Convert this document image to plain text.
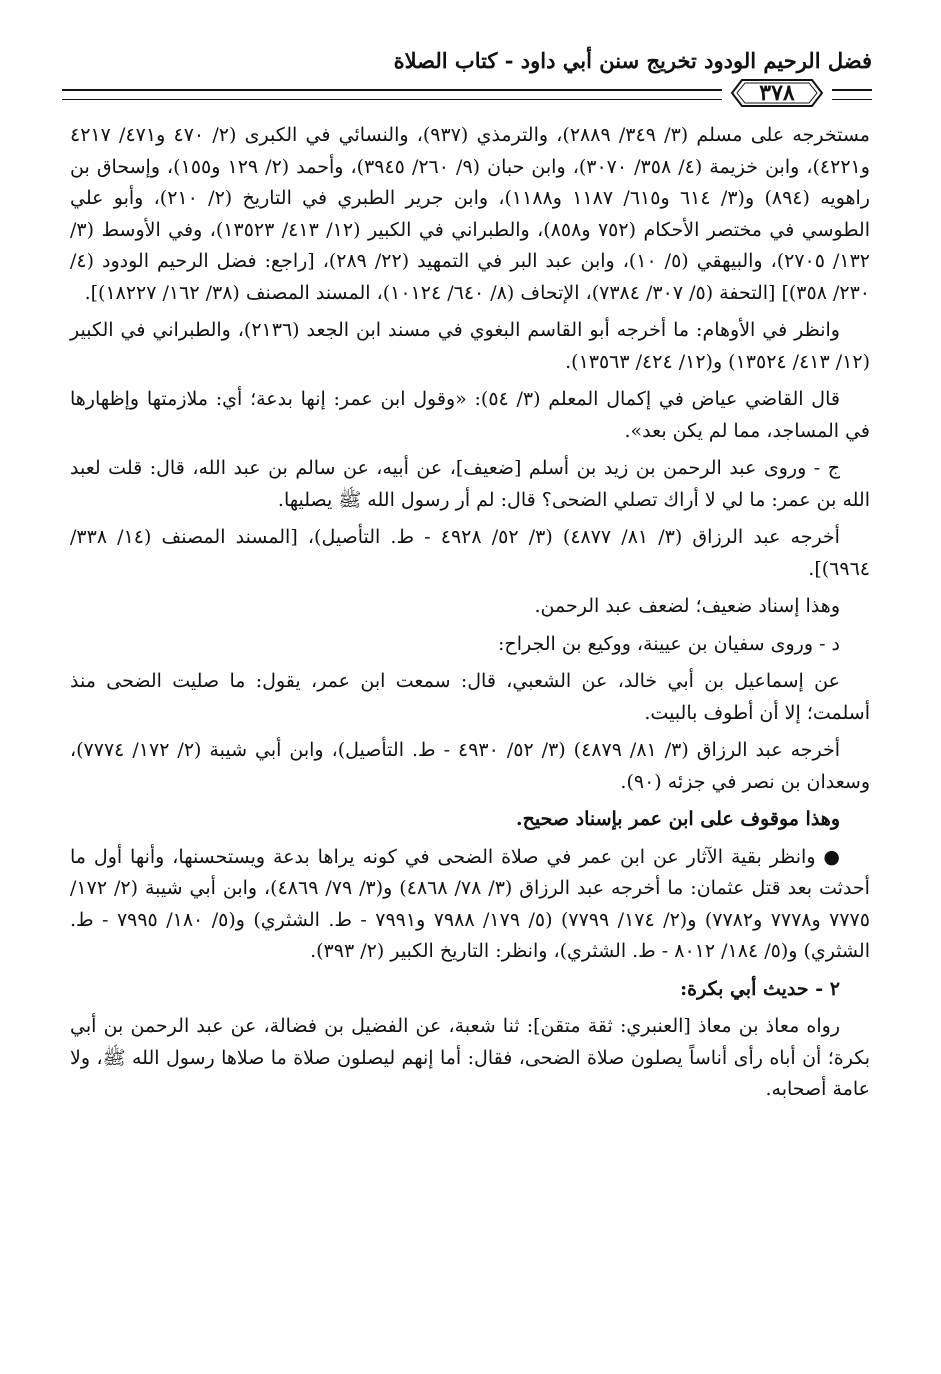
فضل الرحيم الودود تخريج سنن أبي داود - كتاب الصلاة
٣٧٨

مستخرجه على مسلم (٣/ ٣٤٩/ ٢٨٨٩)، والترمذي (٩٣٧)، والنسائي في الكبرى (٢/ ٤٧٠ و٤٧١/ ٤٢١٧ و٤٢٢١)، وابن خزيمة (٤/ ٣٥٨/ ٣٠٧٠)، وابن حبان (٩/ ٢٦٠/ ٣٩٤٥)، وأحمد (٢/ ١٢٩ و١٥٥)، وإسحاق بن راهويه (٨٩٤) و(٣/ ٦١٤ و٦١٥/ ١١٨٧ و١١٨٨)، وابن جرير الطبري في التاريخ (٢/ ٢١٠)، وأبو علي الطوسي في مختصر الأحكام (٧٥٢ و٨٥٨)، والطبراني في الكبير (١٢/ ٤١٣/ ١٣٥٢٣)، وفي الأوسط (٣/ ١٣٢/ ٢٧٠٥)، والبيهقي (٥/ ١٠)، وابن عبد البر في التمهيد (٢٢/ ٢٨٩)، [راجع: فضل الرحيم الودود (٤/ ٢٣٠/ ٣٥٨)] [التحفة (٥/ ٣٠٧/ ٧٣٨٤)، الإتحاف (٨/ ٦٤٠/ ١٠١٢٤)، المسند المصنف (٣٨/ ١٦٢/ ١٨٢٢٧)].

وانظر في الأوهام: ما أخرجه أبو القاسم البغوي في مسند ابن الجعد (٢١٣٦)، والطبراني في الكبير (١٢/ ٤١٣/ ١٣٥٢٤) و(١٢/ ٤٢٤/ ١٣٥٦٣).

قال القاضي عياض في إكمال المعلم (٣/ ٥٤): «وقول ابن عمر: إنها بدعة؛ أي: ملازمتها وإظهارها في المساجد، مما لم يكن بعد».

ج - وروى عبد الرحمن بن زيد بن أسلم [ضعيف]، عن أبيه، عن سالم بن عبد الله، قال: قلت لعبد الله بن عمر: ما لي لا أراك تصلي الضحى؟ قال: لم أر رسول الله ﷺ يصليها.

أخرجه عبد الرزاق (٣/ ٨١/ ٤٨٧٧) (٣/ ٥٢/ ٤٩٢٨ - ط. التأصيل)، [المسند المصنف (١٤/ ٣٣٨/ ٦٩٦٤)].

وهذا إسناد ضعيف؛ لضعف عبد الرحمن.

د - وروى سفيان بن عيينة، ووكيع بن الجراح:

عن إسماعيل بن أبي خالد، عن الشعبي، قال: سمعت ابن عمر، يقول: ما صليت الضحى منذ أسلمت؛ إلا أن أطوف بالبيت.

أخرجه عبد الرزاق (٣/ ٨١/ ٤٨٧٩) (٣/ ٥٢/ ٤٩٣٠ - ط. التأصيل)، وابن أبي شيبة (٢/ ١٧٢/ ٧٧٧٤)، وسعدان بن نصر في جزئه (٩٠).

وهذا موقوف على ابن عمر بإسناد صحيح.

● وانظر بقية الآثار عن ابن عمر في صلاة الضحى في كونه يراها بدعة ويستحسنها، وأنها أول ما أحدثت بعد قتل عثمان: ما أخرجه عبد الرزاق (٣/ ٧٨/ ٤٨٦٨) و(٣/ ٧٩/ ٤٨٦٩)، وابن أبي شيبة (٢/ ١٧٢/ ٧٧٧٥ و٧٧٧٨ و٧٧٨٢) و(٢/ ١٧٤/ ٧٧٩٩) (٥/ ١٧٩/ ٧٩٨٨ و٧٩٩١ - ط. الشثري) و(٥/ ١٨٠/ ٧٩٩٥ - ط. الشثري) و(٥/ ١٨٤/ ٨٠١٢ - ط. الشثري)، وانظر: التاريخ الكبير (٢/ ٣٩٣).

٢ - حديث أبي بكرة:

رواه معاذ بن معاذ [العنبري: ثقة متقن]: ثنا شعبة، عن الفضيل بن فضالة، عن عبد الرحمن بن أبي بكرة؛ أن أباه رأى أناساً يصلون صلاة الضحى، فقال: أما إنهم ليصلون صلاة ما صلاها رسول الله ﷺ، ولا عامة أصحابه.
